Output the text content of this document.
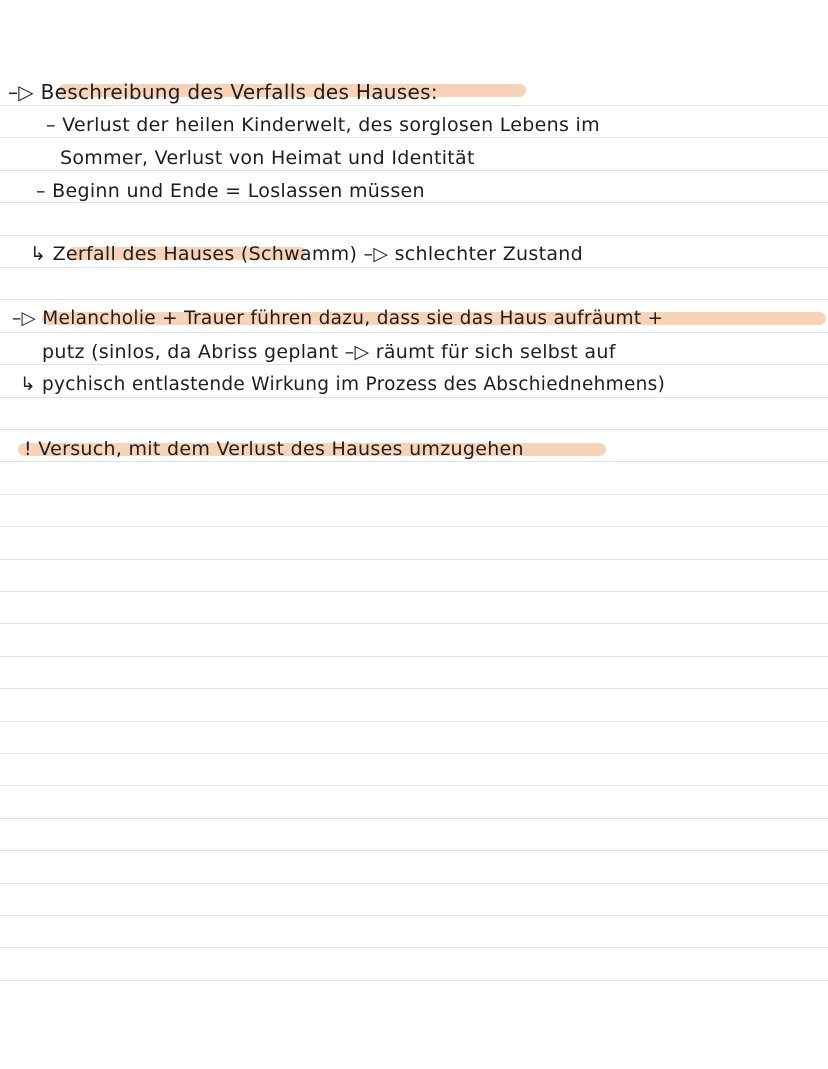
–▷ Beschreibung des Verfalls des Hauses:
– Verlust der heilen Kinderwelt, des sorglosen Lebens im
Sommer, Verlust von Heimat und Identität
– Beginn und Ende = Loslassen müssen
↳ Zerfall des Hauses (Schwamm) –▷ schlechter Zustand
–▷ Melancholie + Trauer führen dazu, dass sie das Haus aufräumt +
putz (sinlos, da Abriss geplant –▷ räumt für sich selbst auf
↳ pychisch entlastende Wirkung im Prozess des Abschiednehmens)
! Versuch, mit dem Verlust des Hauses umzugehen
